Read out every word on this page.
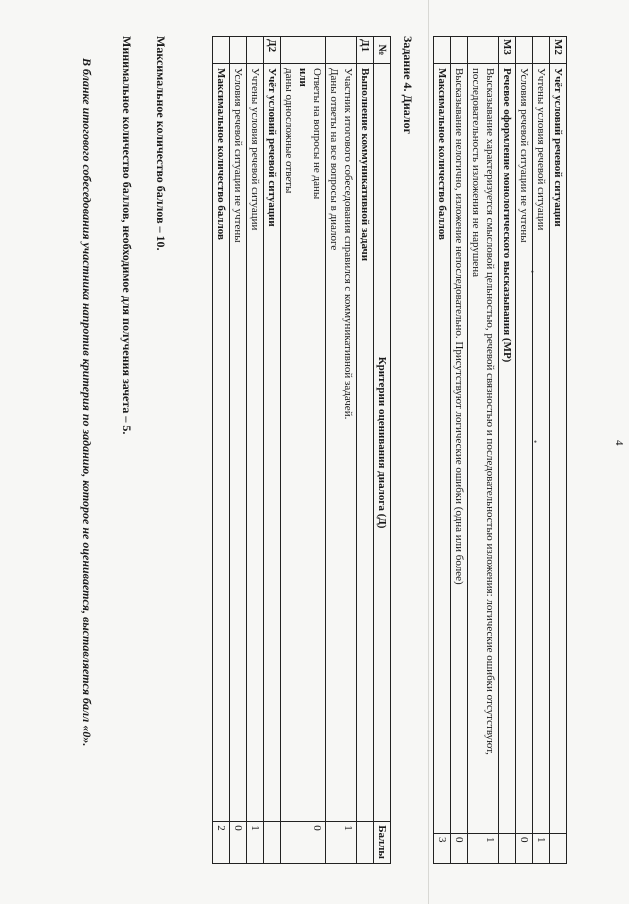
4
•
•
М2	Учёт условий речевой ситуации	
	Учтены условия речевой ситуации	1
	Условия речевой ситуации не учтены	0
М3	Речевое оформление монологического высказывания (МР)	
	Высказывание характеризуется смысловой цельностью, речевой связностью и последовательностью изложения: логические ошибки отсутствуют, последовательность изложения не нарушена	1
	Высказывание нелогично, изложение непоследовательно. Присутствуют логические ошибки (одна или более)	0
	Максимальное количество баллов	3
Задание 4. Диалог
№	Критерии оценивания диалога (Д)	Баллы
Д1	Выполнение коммуникативной задачи	

	Участник итогового собеседования справился с коммуникативной задачей.
Даны ответы на все вопросы в диалоге	1

	Ответы на вопросы не даны
или
даны односложные ответы	0
Д2	Учёт условий речевой ситуации	

	Учтены условия речевой ситуации	1

	Условия речевой ситуации не учтены	0

	Максимальное количество баллов	2
Максимальное количество баллов – 10.
Минимальное количество баллов, необходимое для получения зачета – 5.
В бланке итогового собеседования участника напротив критерия по заданию, которое не оценивается, выставляется балл «0».
